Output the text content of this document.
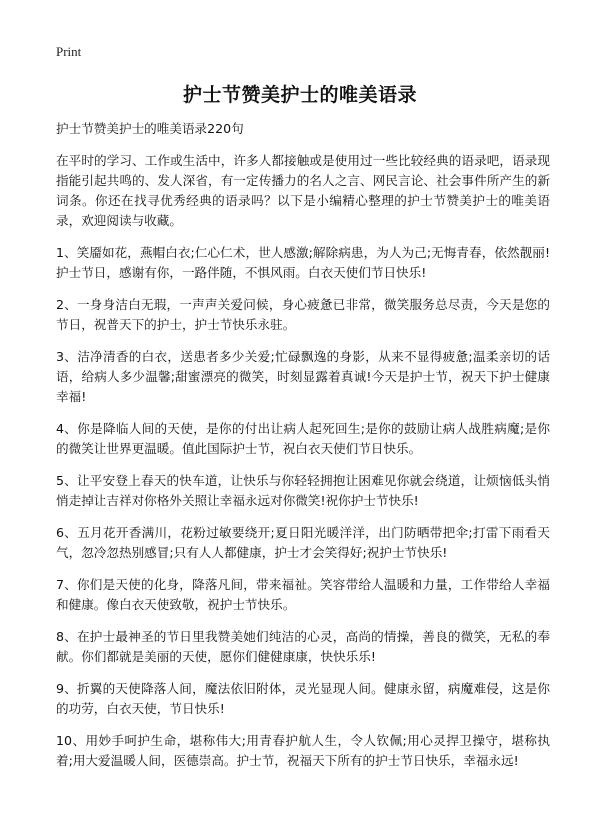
Print
护士节赞美护士的唯美语录

护士节赞美护士的唯美语录220句

在平时的学习、工作或生活中，许多人都接触或是使用过一些比较经典的语录吧，语录现指能引起共鸣的、发人深省，有一定传播力的名人之言、网民言论、社会事件所产生的新词条。你还在找寻优秀经典的语录吗？以下是小编精心整理的护士节赞美护士的唯美语录，欢迎阅读与收藏。

1、笑靥如花，燕帽白衣;仁心仁术，世人感激;解除病患，为人为己;无悔青春，依然靓丽!护士节日，感谢有你，一路伴随，不惧风雨。白衣天使们节日快乐!

2、一身身洁白无瑕，一声声关爱问候，身心疲惫已非常，微笑服务总尽责，今天是您的节日，祝普天下的护士，护士节快乐永驻。

3、洁净清香的白衣，送患者多少关爱;忙碌飘逸的身影，从来不显得疲惫;温柔亲切的话语，给病人多少温馨;甜蜜漂亮的微笑，时刻显露着真诚!今天是护士节，祝天下护士健康幸福!

4、你是降临人间的天使，是你的付出让病人起死回生;是你的鼓励让病人战胜病魔;是你的微笑让世界更温暖。值此国际护士节，祝白衣天使们节日快乐。

5、让平安登上春天的快车道，让快乐与你轻轻拥抱让困难见你就会绕道，让烦恼低头悄悄走掉让吉祥对你格外关照让幸福永远对你微笑!祝你护士节快乐!

6、五月花开香满川，花粉过敏要绕开;夏日阳光暖洋洋，出门防晒带把伞;打雷下雨看天气，忽冷忽热别感冒;只有人人都健康，护士才会笑得好;祝护士节快乐!

7、你们是天使的化身，降落凡间，带来福祉。笑容带给人温暖和力量，工作带给人幸福和健康。像白衣天使致敬，祝护士节快乐。

8、在护士最神圣的节日里我赞美她们纯洁的心灵，高尚的情操，善良的微笑，无私的奉献。你们都就是美丽的天使，愿你们健健康康，快快乐乐!

9、折翼的天使降落人间，魔法依旧附体，灵光显现人间。健康永留，病魔难侵，这是你的功劳，白衣天使，节日快乐!

10、用妙手呵护生命，堪称伟大;用青春护航人生，令人钦佩;用心灵捍卫操守，堪称执着;用大爱温暖人间，医德崇高。护士节，祝福天下所有的护士节日快乐，幸福永远!
